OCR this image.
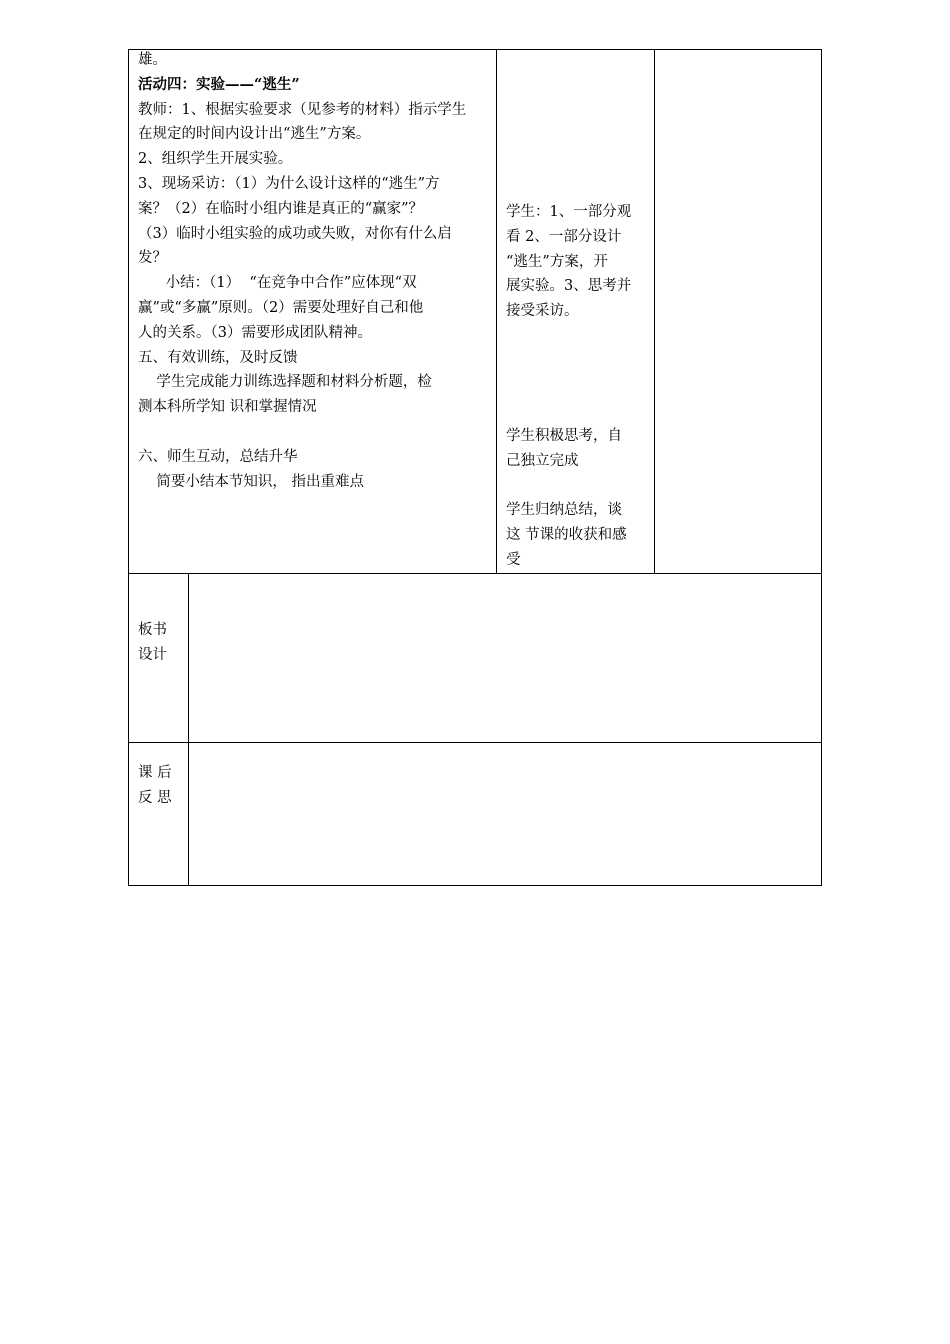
雄。
活动四：实验——“逃生”
教师：1、根据实验要求（见参考的材料）指示学生
在规定的时间内设计出“逃生”方案。
2、组织学生开展实验。
3、现场采访：（1）为什么设计这样的“逃生”方
案？（2）在临时小组内谁是真正的“赢家”？
（3）临时小组实验的成功或失败，对你有什么启
发？
小结：（1）  “在竞争中合作”应体现“双
赢”或“多赢”原则。（2）需要处理好自己和他
人的关系。（3）需要形成团队精神。
五、有效训练，及时反馈
学生完成能力训练选择题和材料分析题，检
测本科所学知 识和掌握情况
六、师生互动，总结升华
简要小结本节知识， 指出重难点
学生：1、一部分观
看 2、一部分设计
“逃生”方案，开
展实验。3、思考并
接受采访。
学生积极思考，自
己独立完成
学生归纳总结，谈
这 节课的收获和感
受
板书
设计
课 后
反 思
